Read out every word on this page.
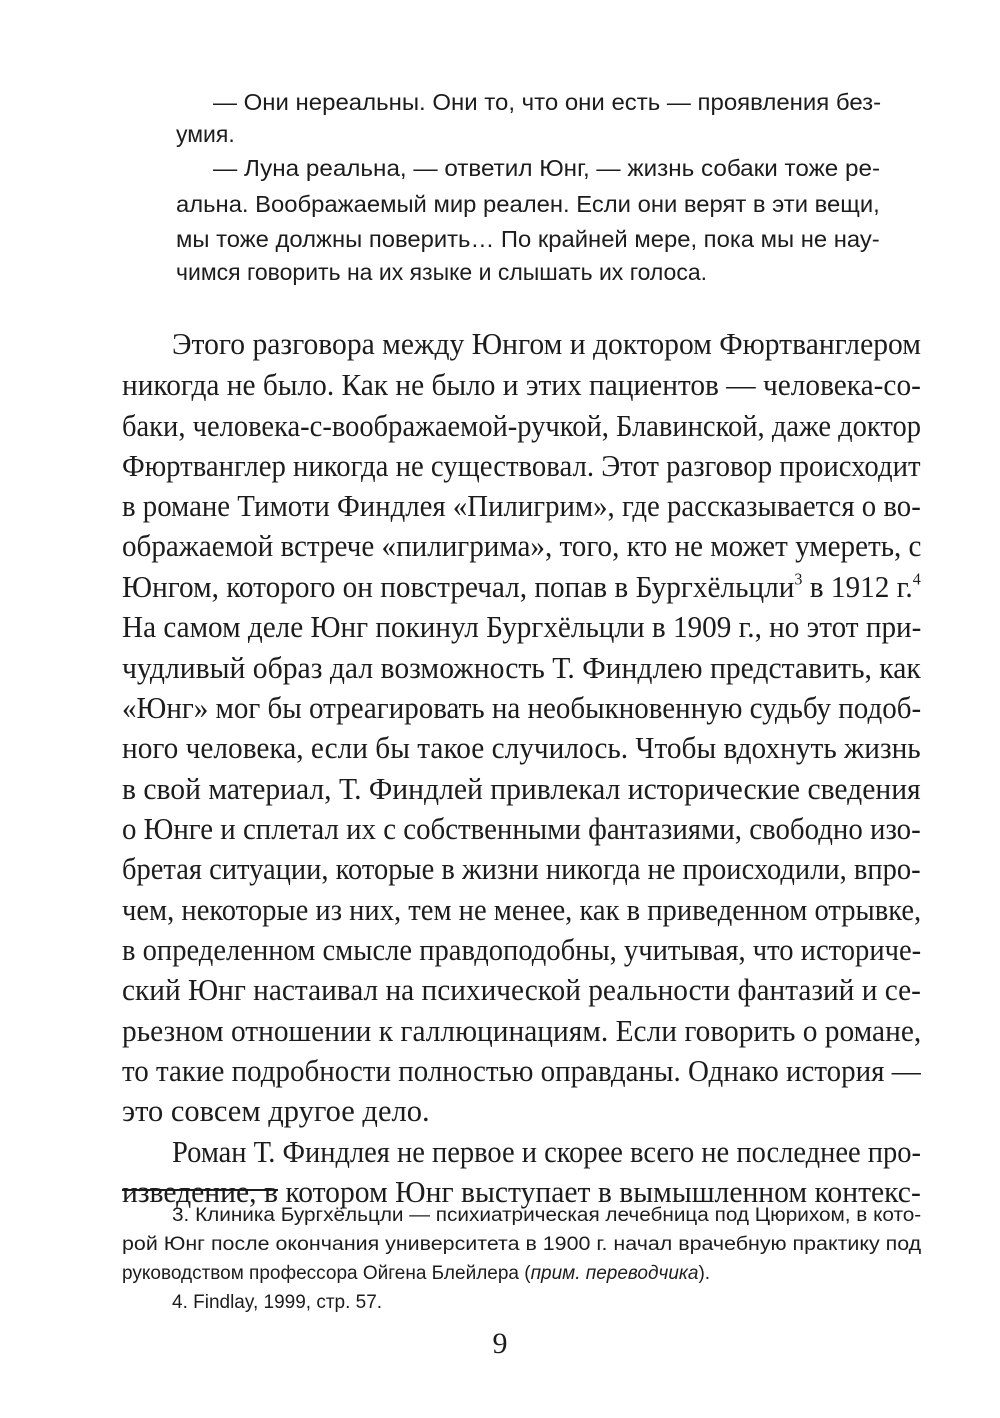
— Они нереальны. Они то, что они есть — проявления без-
умия.
— Луна реальна, — ответил Юнг, — жизнь собаки тоже ре-
альна. Воображаемый мир реален. Если они верят в эти вещи,
мы тоже должны поверить… По крайней мере, пока мы не нау-
чимся говорить на их языке и слышать их голоса.
Этого разговора между Юнгом и доктором Фюртванглером
никогда не было. Как не было и этих пациентов — человека-со-
баки, человека-с-воображаемой-ручкой, Блавинской, даже доктор
Фюртванглер никогда не существовал. Этот разговор происходит
в романе Тимоти Финдлея «Пилигрим», где рассказывается о во-
ображаемой встрече «пилигрима», того, кто не может умереть, с
Юнгом, которого он повстречал, попав в Бургхёльцли$^3$ в 1912 г.$^4$
На самом деле Юнг покинул Бургхёльцли в 1909 г., но этот при-
чудливый образ дал возможность Т. Финдлею представить, как
«Юнг» мог бы отреагировать на необыкновенную судьбу подоб-
ного человека, если бы такое случилось. Чтобы вдохнуть жизнь
в свой материал, Т. Финдлей привлекал исторические сведения
о Юнге и сплетал их с собственными фантазиями, свободно изо-
бретая ситуации, которые в жизни никогда не происходили, впро-
чем, некоторые из них, тем не менее, как в приведенном отрывке,
в определенном смысле правдоподобны, учитывая, что историче-
ский Юнг настаивал на психической реальности фантазий и се-
рьезном отношении к галлюцинациям. Если говорить о романе,
то такие подробности полностью оправданы. Однако история —
это совсем другое дело.
Роман Т. Финдлея не первое и скорее всего не последнее про-
изведение, в котором Юнг выступает в вымышленном контекс-
3. Клиника Бургхёльцли — психиатрическая лечебница под Цюрихом, в кото-
рой Юнг после окончания университета в 1900 г. начал врачебную практику под
руководством профессора Ойгена Блейлера (прим. переводчика).
4. Findlay, 1999, стр. 57.
9
